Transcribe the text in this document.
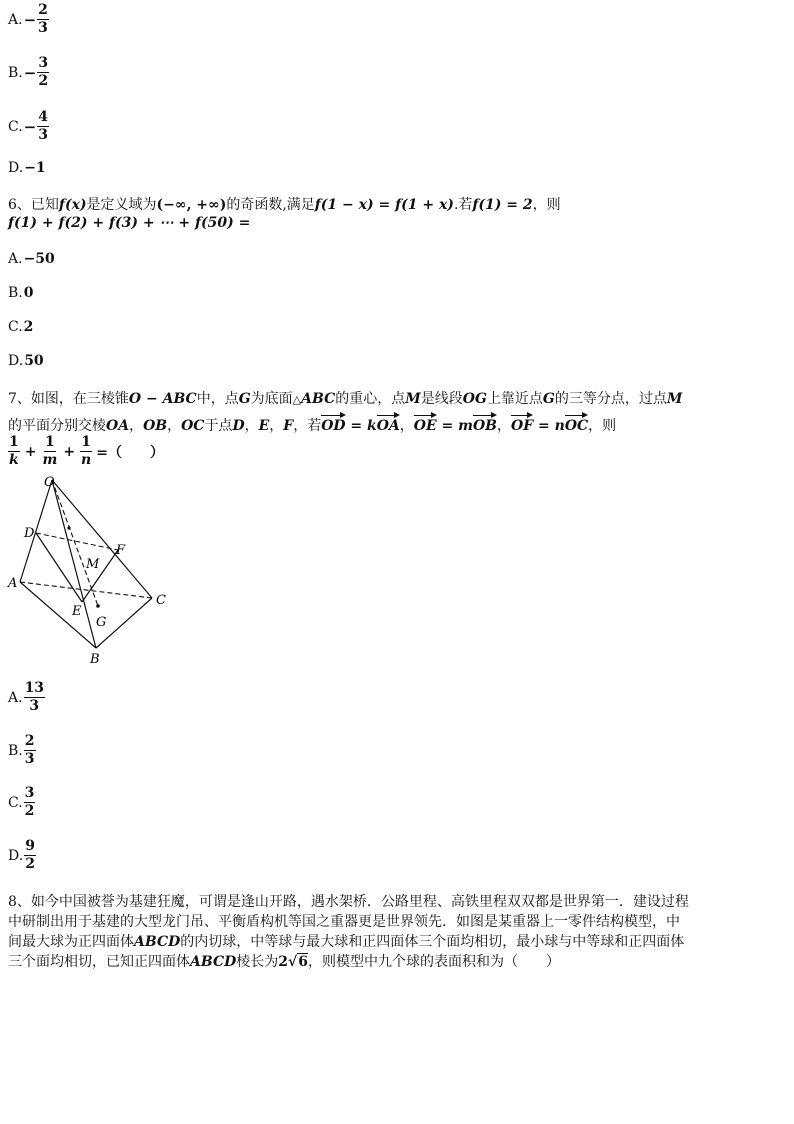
A. − $\frac{2}{3}$
B. − $\frac{3}{2}$
C. − $\frac{4}{3}$
D. −1
6、已知f(x)是定义域为(−∞, +∞)的奇函数,满足f(1 − x) = f(1 + x).若f(1) = 2，则
f(1) + f(2) + f(3) + ⋯ + f(50) =
A. −50
B. 0
C. 2
D. 50
7、如图，在三棱锥O − ABC中，点G为底面△ABC的重心，点M是线段OG上靠近点G的三等分点，过点M
的平面分别交棱OA，OB，OC于点D，E，F，若OD = kOA，OE = mOB，OF = nOC，则
$\frac{1}{k} + \frac{1}{m} + \frac{1}{n}$ =（　　）
O
D
F
M
A
C
E
G
B
A. $\frac{13}{3}$
B. $\frac{2}{3}$
C. $\frac{3}{2}$
D. $\frac{9}{2}$
8、如今中国被誉为基建狂魔，可谓是逢山开路，遇水架桥．公路里程、高铁里程双双都是世界第一．建设过程
中研制出用于基建的大型龙门吊、平衡盾构机等国之重器更是世界领先．如图是某重器上一零件结构模型，中
间最大球为正四面体ABCD的内切球，中等球与最大球和正四面体三个面均相切，最小球与中等球和正四面体
三个面均相切，已知正四面体ABCD棱长为2√6，则模型中九个球的表面积和为（　　）
